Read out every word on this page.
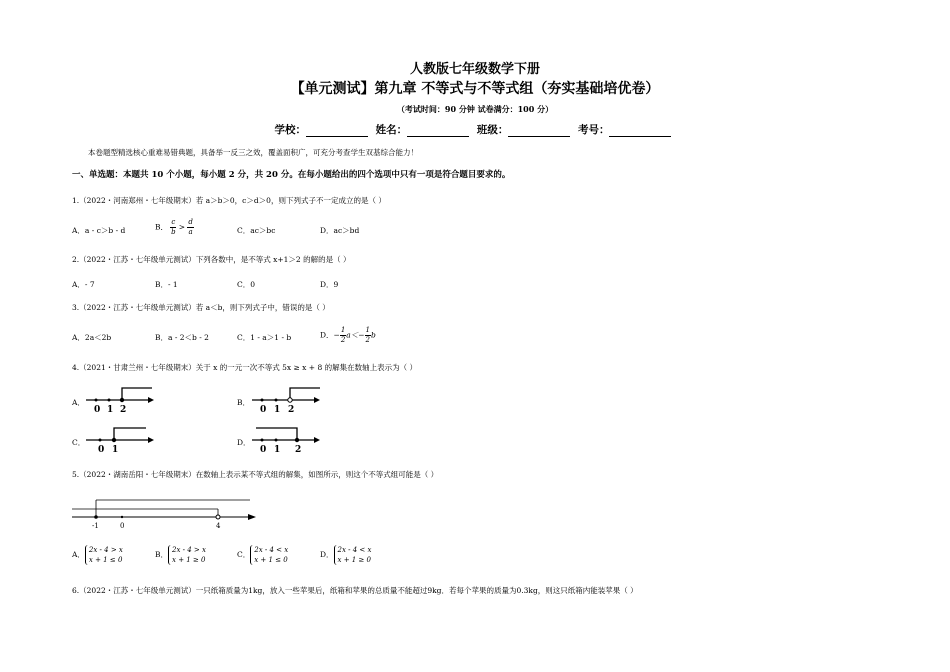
人教版七年级数学下册
【单元测试】第九章 不等式与不等式组（夯实基础培优卷）
（考试时间：90 分钟 试卷满分：100 分）
学校：	姓名：	班级：	考号：
本卷题型精选核心重难易错典题，具备举一反三之效，覆盖面积广，可充分考查学生双基综合能力！
一、单选题：本题共 10 个小题，每小题 2 分，共 20 分。在每小题给出的四个选项中只有一项是符合题目要求的。
1.（2022・河南郑州・七年级期末）若 a＞b＞0，c＞d＞0，则下列式子不一定成立的是（ ）
A．a - c＞b - d	B． $\frac{c}{b} > \frac{d}{a}$	C．ac＞bc	D．ac＞bd
2.（2022・江苏・七年级单元测试）下列各数中，是不等式 x+1＞2 的解的是（ ）
A．- 7	B．- 1	C．0	D．9
3.（2022・江苏・七年级单元测试）若 a＜b，则下列式子中，错误的是（ ）
A．2a＜2b	B．a - 2＜b - 2	C．1 - a＞1 - b	D．− $\frac{1}{2} a<- \frac{1}{2}$ b
4.（2021・甘肃兰州・七年级期末）关于 x 的一元一次不等式 5x ≥ x + 8 的解集在数轴上表示为（ ）
A．
0 1 2
B．
0 1 2
C．
0 1
D．
0 1 2
5.（2022・湖南岳阳・七年级期末）在数轴上表示某不等式组的解集，如图所示，则这个不等式组可能是（ ）
-1	0	4
A． 2x - 4 > x
x + 1 ≤ 0
B． 2x - 4 > x
x + 1 ≥ 0
C． 2x - 4 < x
x + 1 ≤ 0
D． 2x - 4 < x
x + 1 ≥ 0
6.（2022・江苏・七年级单元测试）一只纸箱质量为1kg，放入一些苹果后，纸箱和苹果的总质量不能超过9kg．若每个苹果的质量为0.3kg，则这只纸箱内能装苹果（ ）
